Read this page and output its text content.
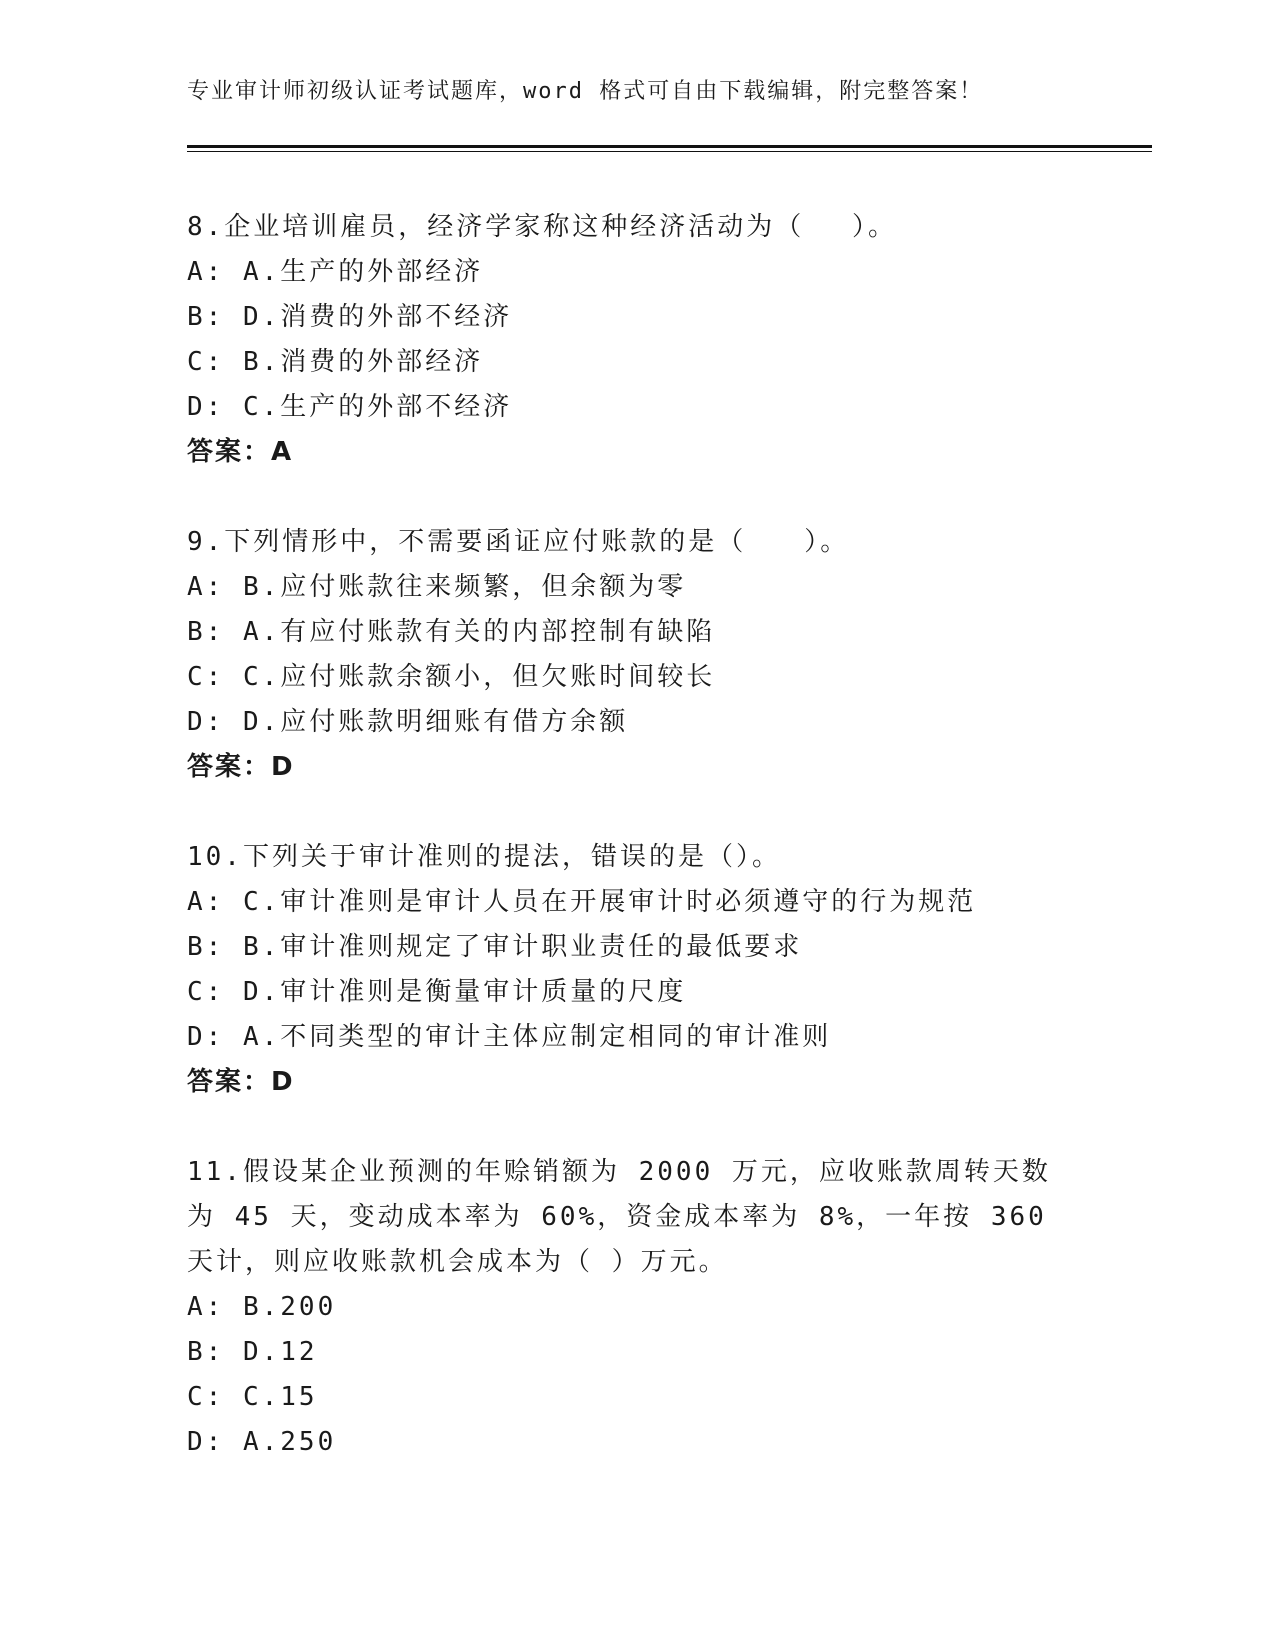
专业审计师初级认证考试题库，word 格式可自由下载编辑，附完整答案！
8.企业培训雇员，经济学家称这种经济活动为（　 ）。
A: A.生产的外部经济
B: D.消费的外部不经济
C: B.消费的外部经济
D: C.生产的外部不经济
答案：A
9.下列情形中，不需要函证应付账款的是（　　）。
A: B.应付账款往来频繁，但余额为零
B: A.有应付账款有关的内部控制有缺陷
C: C.应付账款余额小，但欠账时间较长
D: D.应付账款明细账有借方余额
答案：D
10.下列关于审计准则的提法，错误的是（）。
A: C.审计准则是审计人员在开展审计时必须遵守的行为规范
B: B.审计准则规定了审计职业责任的最低要求
C: D.审计准则是衡量审计质量的尺度
D: A.不同类型的审计主体应制定相同的审计准则
答案：D
11.假设某企业预测的年赊销额为 2000 万元，应收账款周转天数为 45 天，变动成本率为 60%，资金成本率为 8%，一年按 360 天计，则应收账款机会成本为（ ）万元。
A: B.200
B: D.12
C: C.15
D: A.250
